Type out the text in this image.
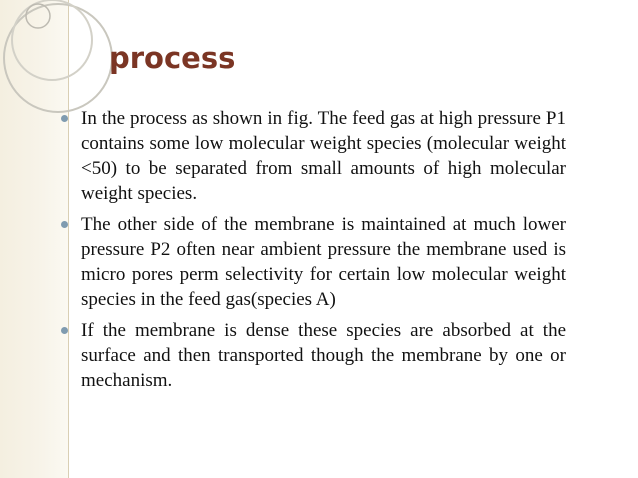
process
In the process as shown in fig. The feed gas at high pressure P1 contains some low molecular weight species (molecular weight <50) to be separated from small amounts of high molecular weight species.
The other side of the membrane is maintained at much lower pressure P2 often near ambient pressure the membrane used is micro pores perm selectivity for certain low molecular weight species in the feed gas(species A)
If the membrane is dense these species are absorbed at the surface and then transported though the membrane by one or mechanism.
